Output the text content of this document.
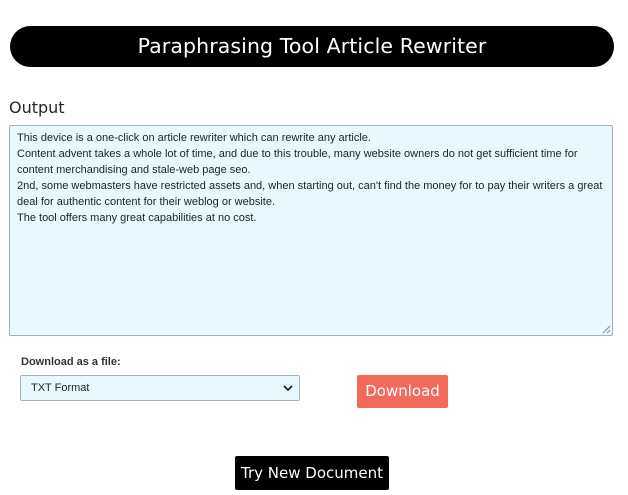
Paraphrasing Tool Article Rewriter
Output

This device is a one-click on article rewriter which can rewrite any article.

Content advent takes a whole lot of time, and due to this trouble, many website owners do not get sufficient time for content merchandising and stale-web page seo.

2nd, some webmasters have restricted assets and, when starting out, can't find the money for to pay their writers a great deal for authentic content for their weblog or website.

The tool offers many great capabilities at no cost.

Download as a file:
TXT Format	Download
Try New Document
